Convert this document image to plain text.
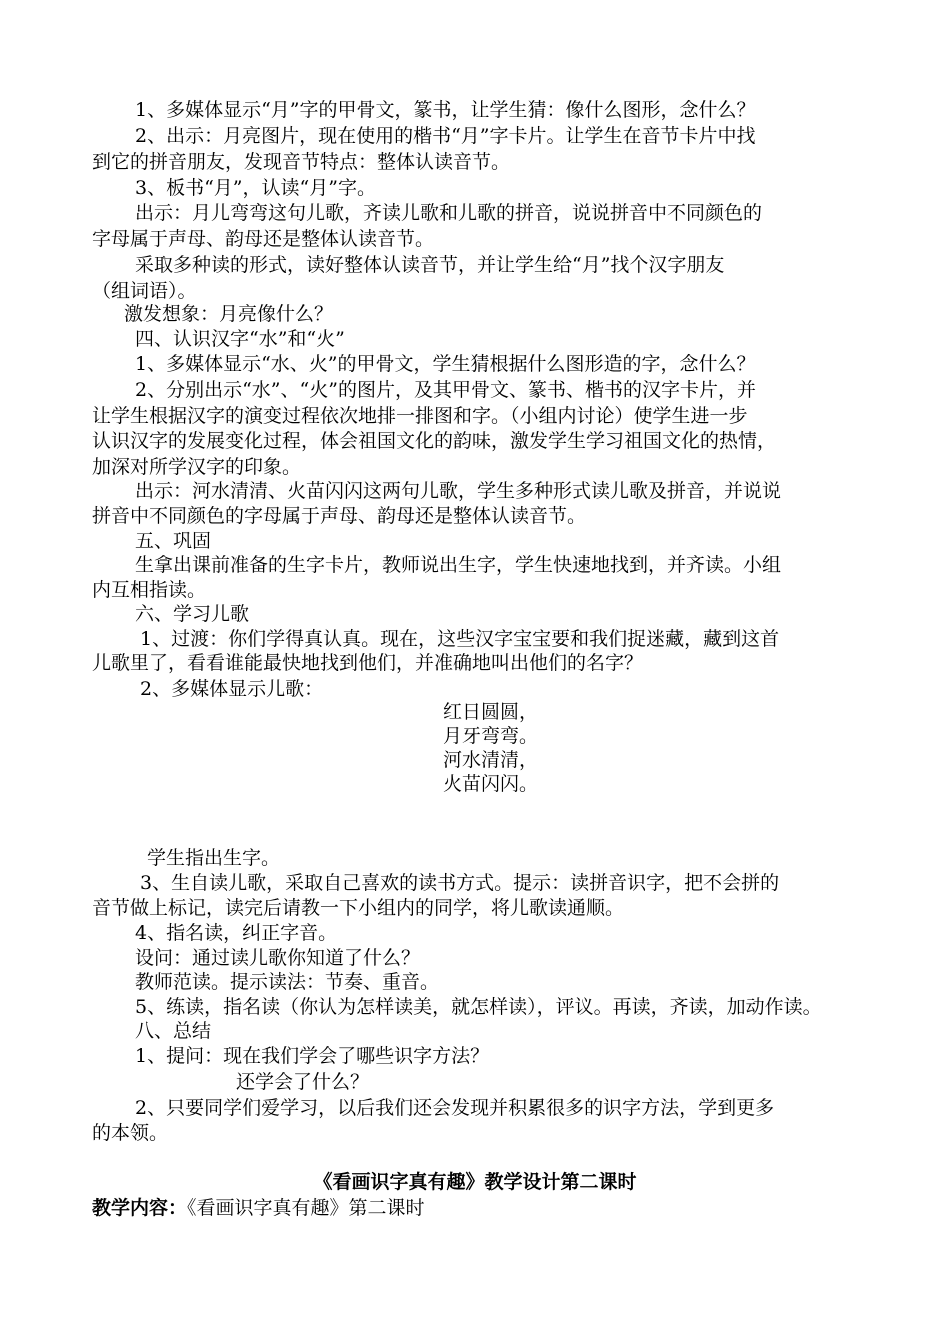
1、多媒体显示“月”字的甲骨文，篆书，让学生猜：像什么图形，念什么？
2、出示：月亮图片，现在使用的楷书“月”字卡片。让学生在音节卡片中找
到它的拼音朋友，发现音节特点：整体认读音节。
3、板书“月”，认读“月”字。
出示：月儿弯弯这句儿歌，齐读儿歌和儿歌的拼音，说说拼音中不同颜色的
字母属于声母、韵母还是整体认读音节。
采取多种读的形式，读好整体认读音节，并让学生给“月”找个汉字朋友
（组词语）。
激发想象：月亮像什么？
四、认识汉字“水”和“火”
1、多媒体显示“水、火”的甲骨文，学生猜根据什么图形造的字，念什么？
2、分别出示“水”、“火”的图片，及其甲骨文、篆书、楷书的汉字卡片，并
让学生根据汉字的演变过程依次地排一排图和字。（小组内讨论）使学生进一步
认识汉字的发展变化过程，体会祖国文化的韵味，激发学生学习祖国文化的热情，
加深对所学汉字的印象。
出示：河水清清、火苗闪闪这两句儿歌，学生多种形式读儿歌及拼音，并说说
拼音中不同颜色的字母属于声母、韵母还是整体认读音节。
五、巩固
生拿出课前准备的生字卡片，教师说出生字，学生快速地找到，并齐读。小组
内互相指读。
六、学习儿歌
1、过渡：你们学得真认真。现在，这些汉字宝宝要和我们捉迷藏，藏到这首
儿歌里了，看看谁能最快地找到他们，并准确地叫出他们的名字？
2、多媒体显示儿歌：
红日圆圆，
月牙弯弯。
河水清清，
火苗闪闪。
学生指出生字。
3、生自读儿歌，采取自己喜欢的读书方式。提示：读拼音识字，把不会拼的
音节做上标记，读完后请教一下小组内的同学，将儿歌读通顺。
4、指名读，纠正字音。
设问：通过读儿歌你知道了什么？
教师范读。提示读法：节奏、重音。
5、练读，指名读（你认为怎样读美，就怎样读），评议。再读，齐读，加动作读。
八、总结
1、提问：现在我们学会了哪些识字方法？
还学会了什么？
2、只要同学们爱学习，以后我们还会发现并积累很多的识字方法，学到更多
的本领。
《看画识字真有趣》教学设计第二课时
教学内容：《看画识字真有趣》第二课时
